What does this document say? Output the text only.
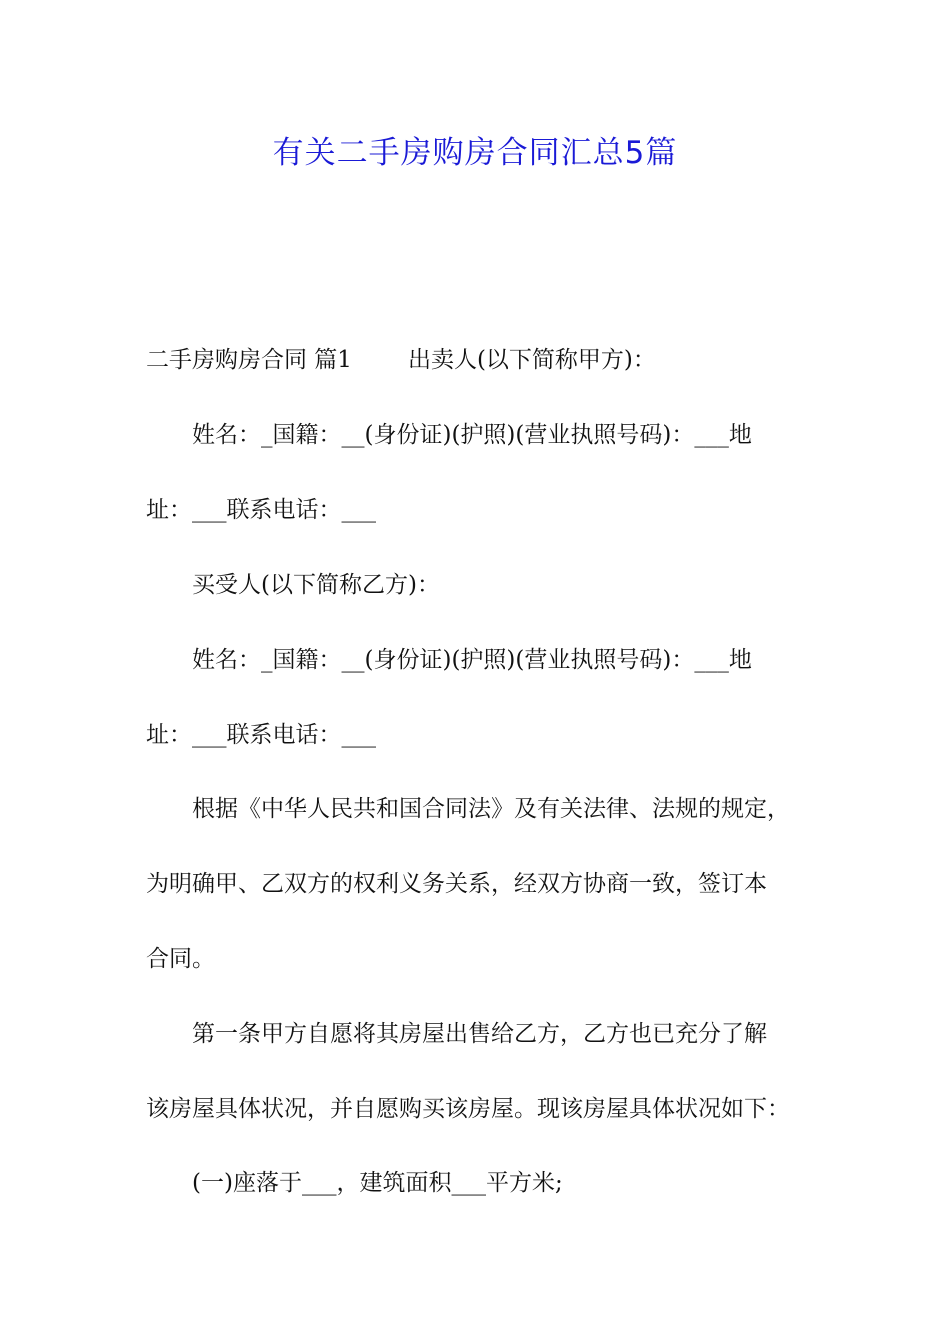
有关二手房购房合同汇总5篇
二手房购房合同 篇1 出卖人(以下简称甲方)：
姓名：_国籍：__(身份证)(护照)(营业执照号码)：___地
址：___联系电话：___
买受人(以下简称乙方)：
姓名：_国籍：__(身份证)(护照)(营业执照号码)：___地
址：___联系电话：___
根据《中华人民共和国合同法》及有关法律、法规的规定，
为明确甲、乙双方的权利义务关系，经双方协商一致，签订本
合同。
第一条甲方自愿将其房屋出售给乙方，乙方也已充分了解
该房屋具体状况，并自愿购买该房屋。现该房屋具体状况如下：
(一)座落于___，建筑面积___平方米;
